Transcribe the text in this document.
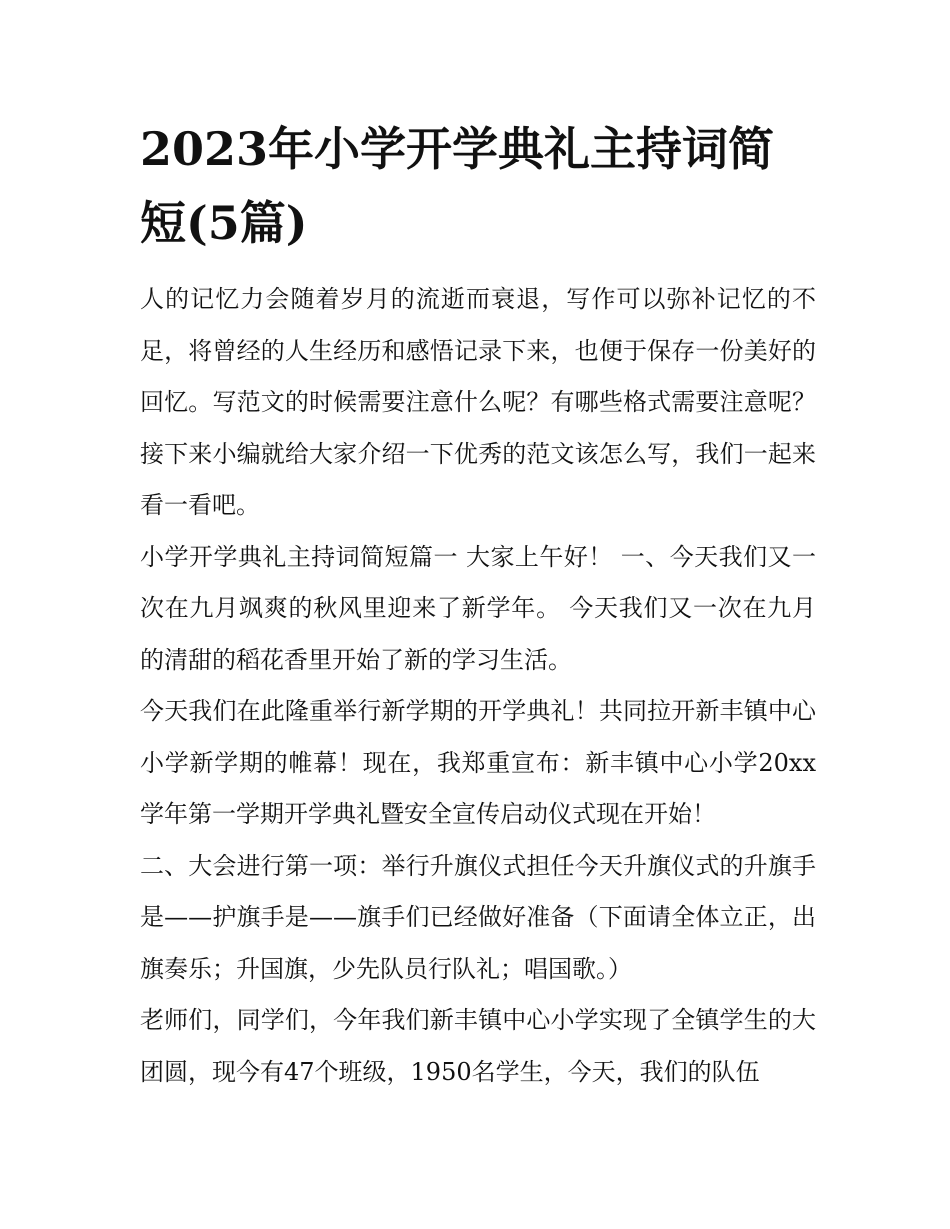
2023年小学开学典礼主持词简短(5篇)

人的记忆力会随着岁月的流逝而衰退，写作可以弥补记忆的不足，将曾经的人生经历和感悟记录下来，也便于保存一份美好的回忆。写范文的时候需要注意什么呢？有哪些格式需要注意呢？接下来小编就给大家介绍一下优秀的范文该怎么写，我们一起来看一看吧。

小学开学典礼主持词简短篇一 大家上午好！ 一、今天我们又一次在九月飒爽的秋风里迎来了新学年。 今天我们又一次在九月的清甜的稻花香里开始了新的学习生活。

今天我们在此隆重举行新学期的开学典礼！共同拉开新丰镇中心小学新学期的帷幕！现在，我郑重宣布：新丰镇中心小学20xx学年第一学期开学典礼暨安全宣传启动仪式现在开始！

二、大会进行第一项：举行升旗仪式担任今天升旗仪式的升旗手是——护旗手是——旗手们已经做好准备（下面请全体立正，出旗奏乐；升国旗，少先队员行队礼；唱国歌。）

老师们，同学们，今年我们新丰镇中心小学实现了全镇学生的大团圆，现今有47个班级，1950名学生，今天，我们的队伍
